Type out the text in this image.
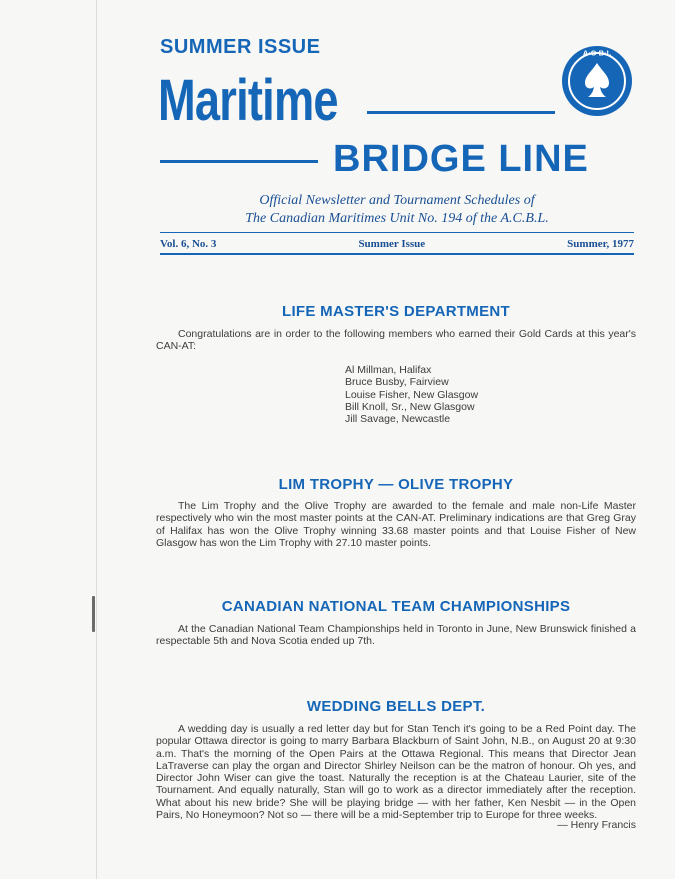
SUMMER ISSUE
Maritime
BRIDGE LINE
A·C·B·L
Official Newsletter and Tournament Schedules of
The Canadian Maritimes Unit No. 194 of the A.C.B.L.
Vol. 6, No. 3	Summer Issue	Summer, 1977
LIFE MASTER'S DEPARTMENT

Congratulations are in order to the following members who earned their Gold Cards at this year's CAN-AT:

Al Millman, Halifax
Bruce Busby, Fairview
Louise Fisher, New Glasgow
Bill Knoll, Sr., New Glasgow
Jill Savage, Newcastle
LIM TROPHY — OLIVE TROPHY

The Lim Trophy and the Olive Trophy are awarded to the female and male non-Life Master respectively who win the most master points at the CAN-AT. Preliminary indications are that Greg Gray of Halifax has won the Olive Trophy winning 33.68 master points and that Louise Fisher of New Glasgow has won the Lim Trophy with 27.10 master points.

CANADIAN NATIONAL TEAM CHAMPIONSHIPS

At the Canadian National Team Championships held in Toronto in June, New Brunswick finished a respectable 5th and Nova Scotia ended up 7th.

WEDDING BELLS DEPT.

A wedding day is usually a red letter day but for Stan Tench it's going to be a Red Point day. The popular Ottawa director is going to marry Barbara Blackburn of Saint John, N.B., on August 20 at 9:30 a.m. That's the morning of the Open Pairs at the Ottawa Regional. This means that Director Jean LaTraverse can play the organ and Director Shirley Neilson can be the matron of honour. Oh yes, and Director John Wiser can give the toast. Naturally the reception is at the Chateau Laurier, site of the Tournament. And equally naturally, Stan will go to work as a director immediately after the reception. What about his new bride? She will be playing bridge — with her father, Ken Nesbit — in the Open Pairs, No Honeymoon? Not so — there will be a mid-September trip to Europe for three weeks.

— Henry Francis
